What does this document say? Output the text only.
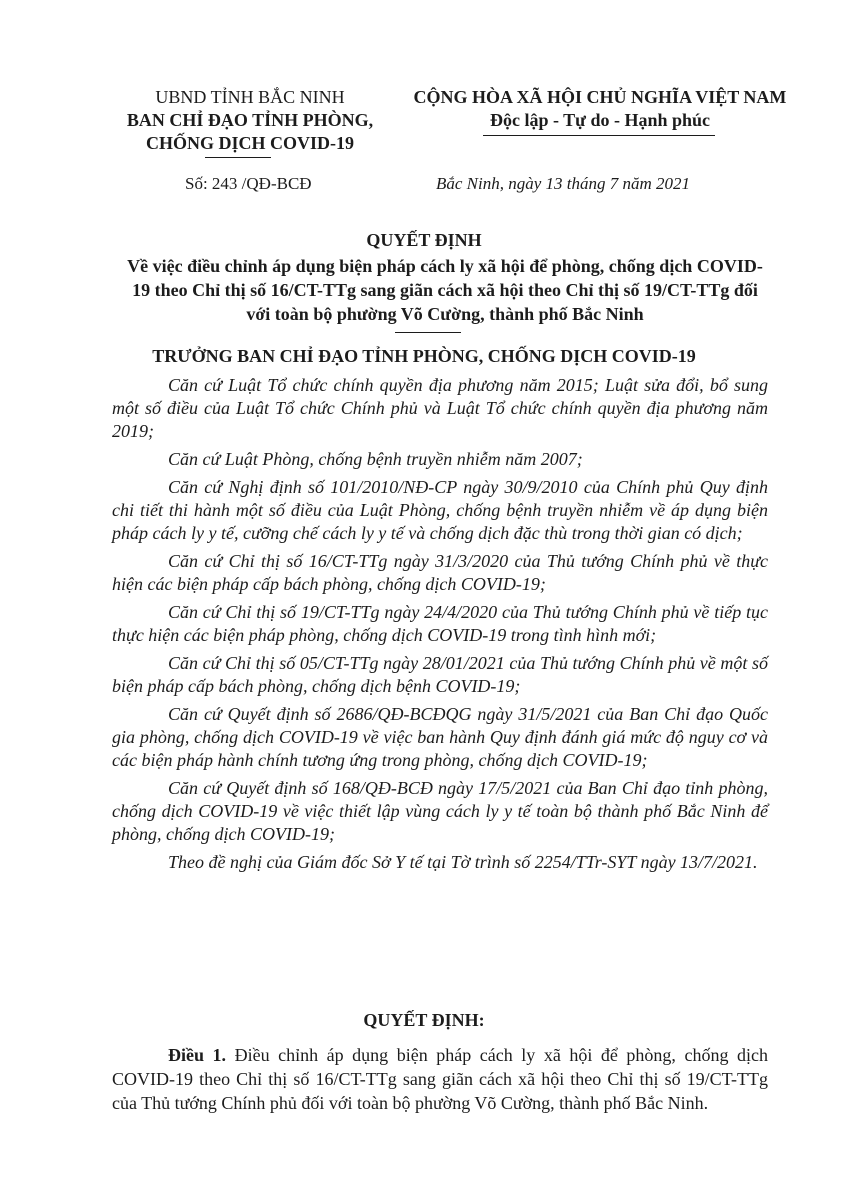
UBND TỈNH BẮC NINH
BAN CHỈ ĐẠO TỈNH PHÒNG,
CHỐNG DỊCH COVID-19
CỘNG HÒA XÃ HỘI CHỦ NGHĨA VIỆT NAM
Độc lập - Tự do - Hạnh phúc
Số: 243 /QĐ-BCĐ	Bắc Ninh, ngày 13 tháng 7 năm 2021
QUYẾT ĐỊNH
Về việc điều chỉnh áp dụng biện pháp cách ly xã hội để phòng, chống dịch COVID-19 theo Chỉ thị số 16/CT-TTg sang giãn cách xã hội theo Chỉ thị số 19/CT-TTg đối với toàn bộ phường Võ Cường, thành phố Bắc Ninh
TRƯỞNG BAN CHỈ ĐẠO TỈNH PHÒNG, CHỐNG DỊCH COVID-19

Căn cứ Luật Tổ chức chính quyền địa phương năm 2015; Luật sửa đổi, bổ sung một số điều của Luật Tổ chức Chính phủ và Luật Tổ chức chính quyền địa phương năm 2019;

Căn cứ Luật Phòng, chống bệnh truyền nhiễm năm 2007;

Căn cứ Nghị định số 101/2010/NĐ-CP ngày 30/9/2010 của Chính phủ Quy định chi tiết thi hành một số điều của Luật Phòng, chống bệnh truyền nhiễm về áp dụng biện pháp cách ly y tế, cưỡng chế cách ly y tế và chống dịch đặc thù trong thời gian có dịch;

Căn cứ Chỉ thị số 16/CT-TTg ngày 31/3/2020 của Thủ tướng Chính phủ về thực hiện các biện pháp cấp bách phòng, chống dịch COVID-19;

Căn cứ Chỉ thị số 19/CT-TTg ngày 24/4/2020 của Thủ tướng Chính phủ về tiếp tục thực hiện các biện pháp phòng, chống dịch COVID-19 trong tình hình mới;

Căn cứ Chỉ thị số 05/CT-TTg ngày 28/01/2021 của Thủ tướng Chính phủ về một số biện pháp cấp bách phòng, chống dịch bệnh COVID-19;

Căn cứ Quyết định số 2686/QĐ-BCĐQG ngày 31/5/2021 của Ban Chỉ đạo Quốc gia phòng, chống dịch COVID-19 về việc ban hành Quy định đánh giá mức độ nguy cơ và các biện pháp hành chính tương ứng trong phòng, chống dịch COVID-19;

Căn cứ Quyết định số 168/QĐ-BCĐ ngày 17/5/2021 của Ban Chỉ đạo tỉnh phòng, chống dịch COVID-19 về việc thiết lập vùng cách ly y tế toàn bộ thành phố Bắc Ninh để phòng, chống dịch COVID-19;

Theo đề nghị của Giám đốc Sở Y tế tại Tờ trình số 2254/TTr-SYT ngày 13/7/2021.

QUYẾT ĐỊNH:
Điều 1. Điều chỉnh áp dụng biện pháp cách ly xã hội để phòng, chống dịch COVID-19 theo Chỉ thị số 16/CT-TTg sang giãn cách xã hội theo Chỉ thị số 19/CT-TTg của Thủ tướng Chính phủ đối với toàn bộ phường Võ Cường, thành phố Bắc Ninh.
